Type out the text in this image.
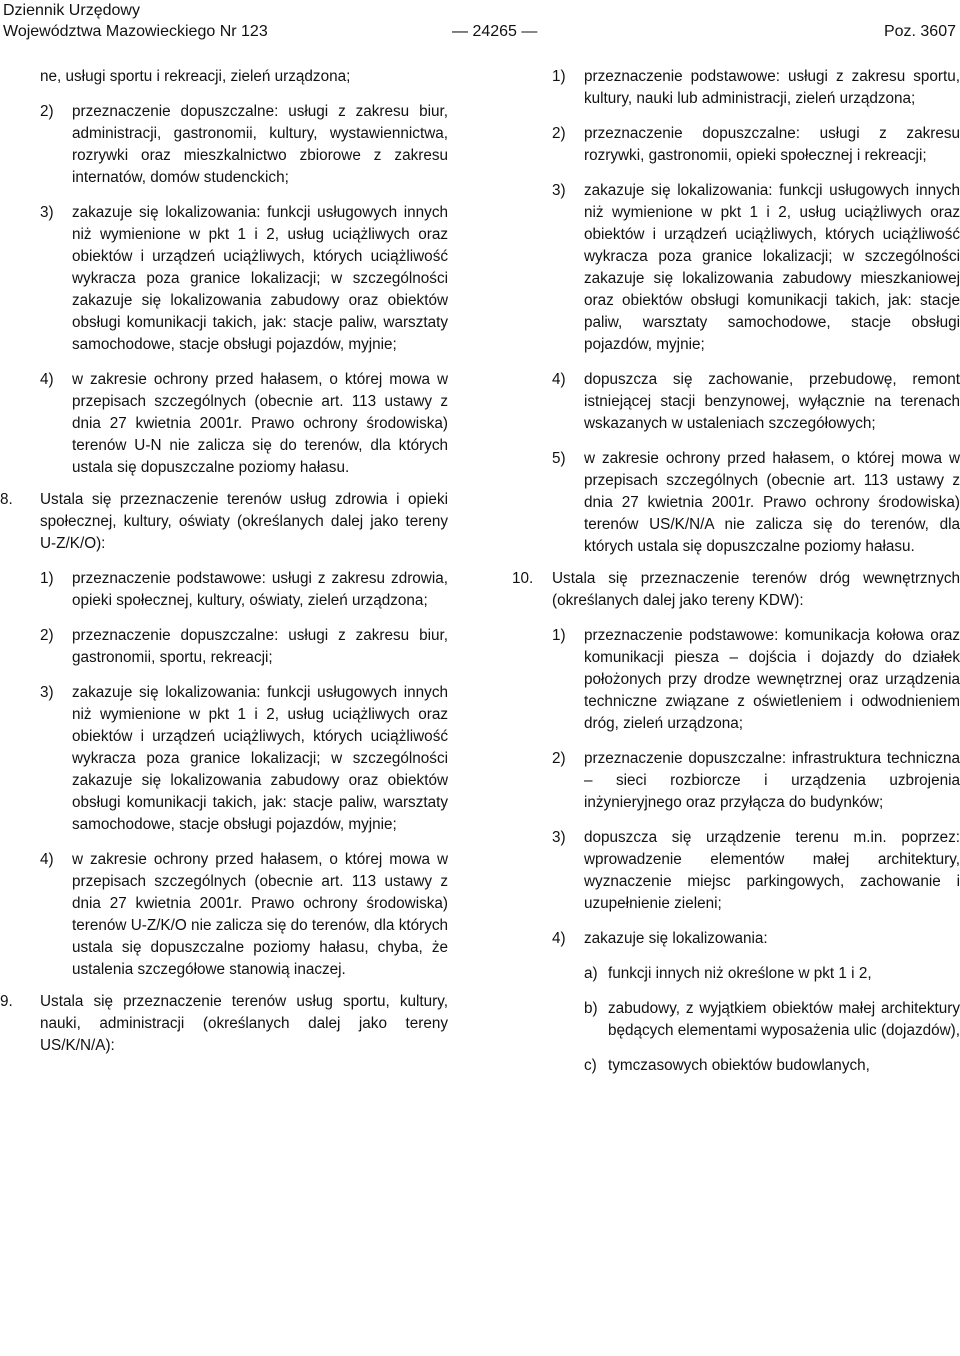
Dziennik Urzędowy
Województwa Mazowieckiego Nr 123	— 24265 —	Poz. 3607
ne, usługi sportu i rekreacji, zieleń urządzona;
2)	przeznaczenie dopuszczalne: usługi z zakresu biur, administracji, gastronomii, kultury, wystawiennictwa, rozrywki oraz mieszkalnictwo zbiorowe z zakresu internatów, domów studenckich;
3)	zakazuje się lokalizowania: funkcji usługowych innych niż wymienione w pkt 1 i 2, usług uciążliwych oraz obiektów i urządzeń uciążliwych, których uciążliwość wykracza poza granice lokalizacji; w szczególności zakazuje się lokalizowania zabudowy oraz obiektów obsługi komunikacji takich, jak: stacje paliw, warsztaty samochodowe, stacje obsługi pojazdów, myjnie;
4)	w zakresie ochrony przed hałasem, o której mowa w przepisach szczególnych (obecnie art. 113 ustawy z dnia 27 kwietnia 2001r. Prawo ochrony środowiska) terenów U-N nie zalicza się do terenów, dla których ustala się dopuszczalne poziomy hałasu.
8.	Ustala się przeznaczenie terenów usług zdrowia i opieki społecznej, kultury, oświaty (określanych dalej jako tereny U-Z/K/O):
1)	przeznaczenie podstawowe: usługi z zakresu zdrowia, opieki społecznej, kultury, oświaty, zieleń urządzona;
2)	przeznaczenie dopuszczalne: usługi z zakresu biur, gastronomii, sportu, rekreacji;
3)	zakazuje się lokalizowania: funkcji usługowych innych niż wymienione w pkt 1 i 2, usług uciążliwych oraz obiektów i urządzeń uciążliwych, których uciążliwość wykracza poza granice lokalizacji; w szczególności zakazuje się lokalizowania zabudowy oraz obiektów obsługi komunikacji takich, jak: stacje paliw, warsztaty samochodowe, stacje obsługi pojazdów, myjnie;
4)	w zakresie ochrony przed hałasem, o której mowa w przepisach szczególnych (obecnie art. 113 ustawy z dnia 27 kwietnia 2001r. Prawo ochrony środowiska) terenów U-Z/K/O nie zalicza się do terenów, dla których ustala się dopuszczalne poziomy hałasu, chyba, że ustalenia szczegółowe stanowią inaczej.
9.	Ustala się przeznaczenie terenów usług sportu, kultury, nauki, administracji (określanych dalej jako tereny US/K/N/A):
1)	przeznaczenie podstawowe: usługi z zakresu sportu, kultury, nauki lub administracji, zieleń urządzona;
2)	przeznaczenie dopuszczalne: usługi z zakresu rozrywki, gastronomii, opieki społecznej i rekreacji;
3)	zakazuje się lokalizowania: funkcji usługowych innych niż wymienione w pkt 1 i 2, usług uciążliwych oraz obiektów i urządzeń uciążliwych, których uciążliwość wykracza poza granice lokalizacji; w szczególności zakazuje się lokalizowania zabudowy mieszkaniowej oraz obiektów obsługi komunikacji takich, jak: stacje paliw, warsztaty samochodowe, stacje obsługi pojazdów, myjnie;
4)	dopuszcza się zachowanie, przebudowę, remont istniejącej stacji benzynowej, wyłącznie na terenach wskazanych w ustaleniach szczegółowych;
5)	w zakresie ochrony przed hałasem, o której mowa w przepisach szczególnych (obecnie art. 113 ustawy z dnia 27 kwietnia 2001r. Prawo ochrony środowiska) terenów US/K/N/A nie zalicza się do terenów, dla których ustala się dopuszczalne poziomy hałasu.
10.	Ustala się przeznaczenie terenów dróg wewnętrznych (określanych dalej jako tereny KDW):
1)	przeznaczenie podstawowe: komunikacja kołowa oraz komunikacji piesza – dojścia i dojazdy do działek położonych przy drodze wewnętrznej oraz urządzenia techniczne związane z oświetleniem i odwodnieniem dróg, zieleń urządzona;
2)	przeznaczenie dopuszczalne: infrastruktura techniczna – sieci rozbiorcze i urządzenia uzbrojenia inżynieryjnego oraz przyłącza do budynków;
3)	dopuszcza się urządzenie terenu m.in. poprzez: wprowadzenie elementów małej architektury, wyznaczenie miejsc parkingowych, zachowanie i uzupełnienie zieleni;
4)	zakazuje się lokalizowania:
a) funkcji innych niż określone w pkt 1 i 2,
b) zabudowy, z wyjątkiem obiektów małej architektury będących elementami wyposażenia ulic (dojazdów),
c) tymczasowych obiektów budowlanych,
